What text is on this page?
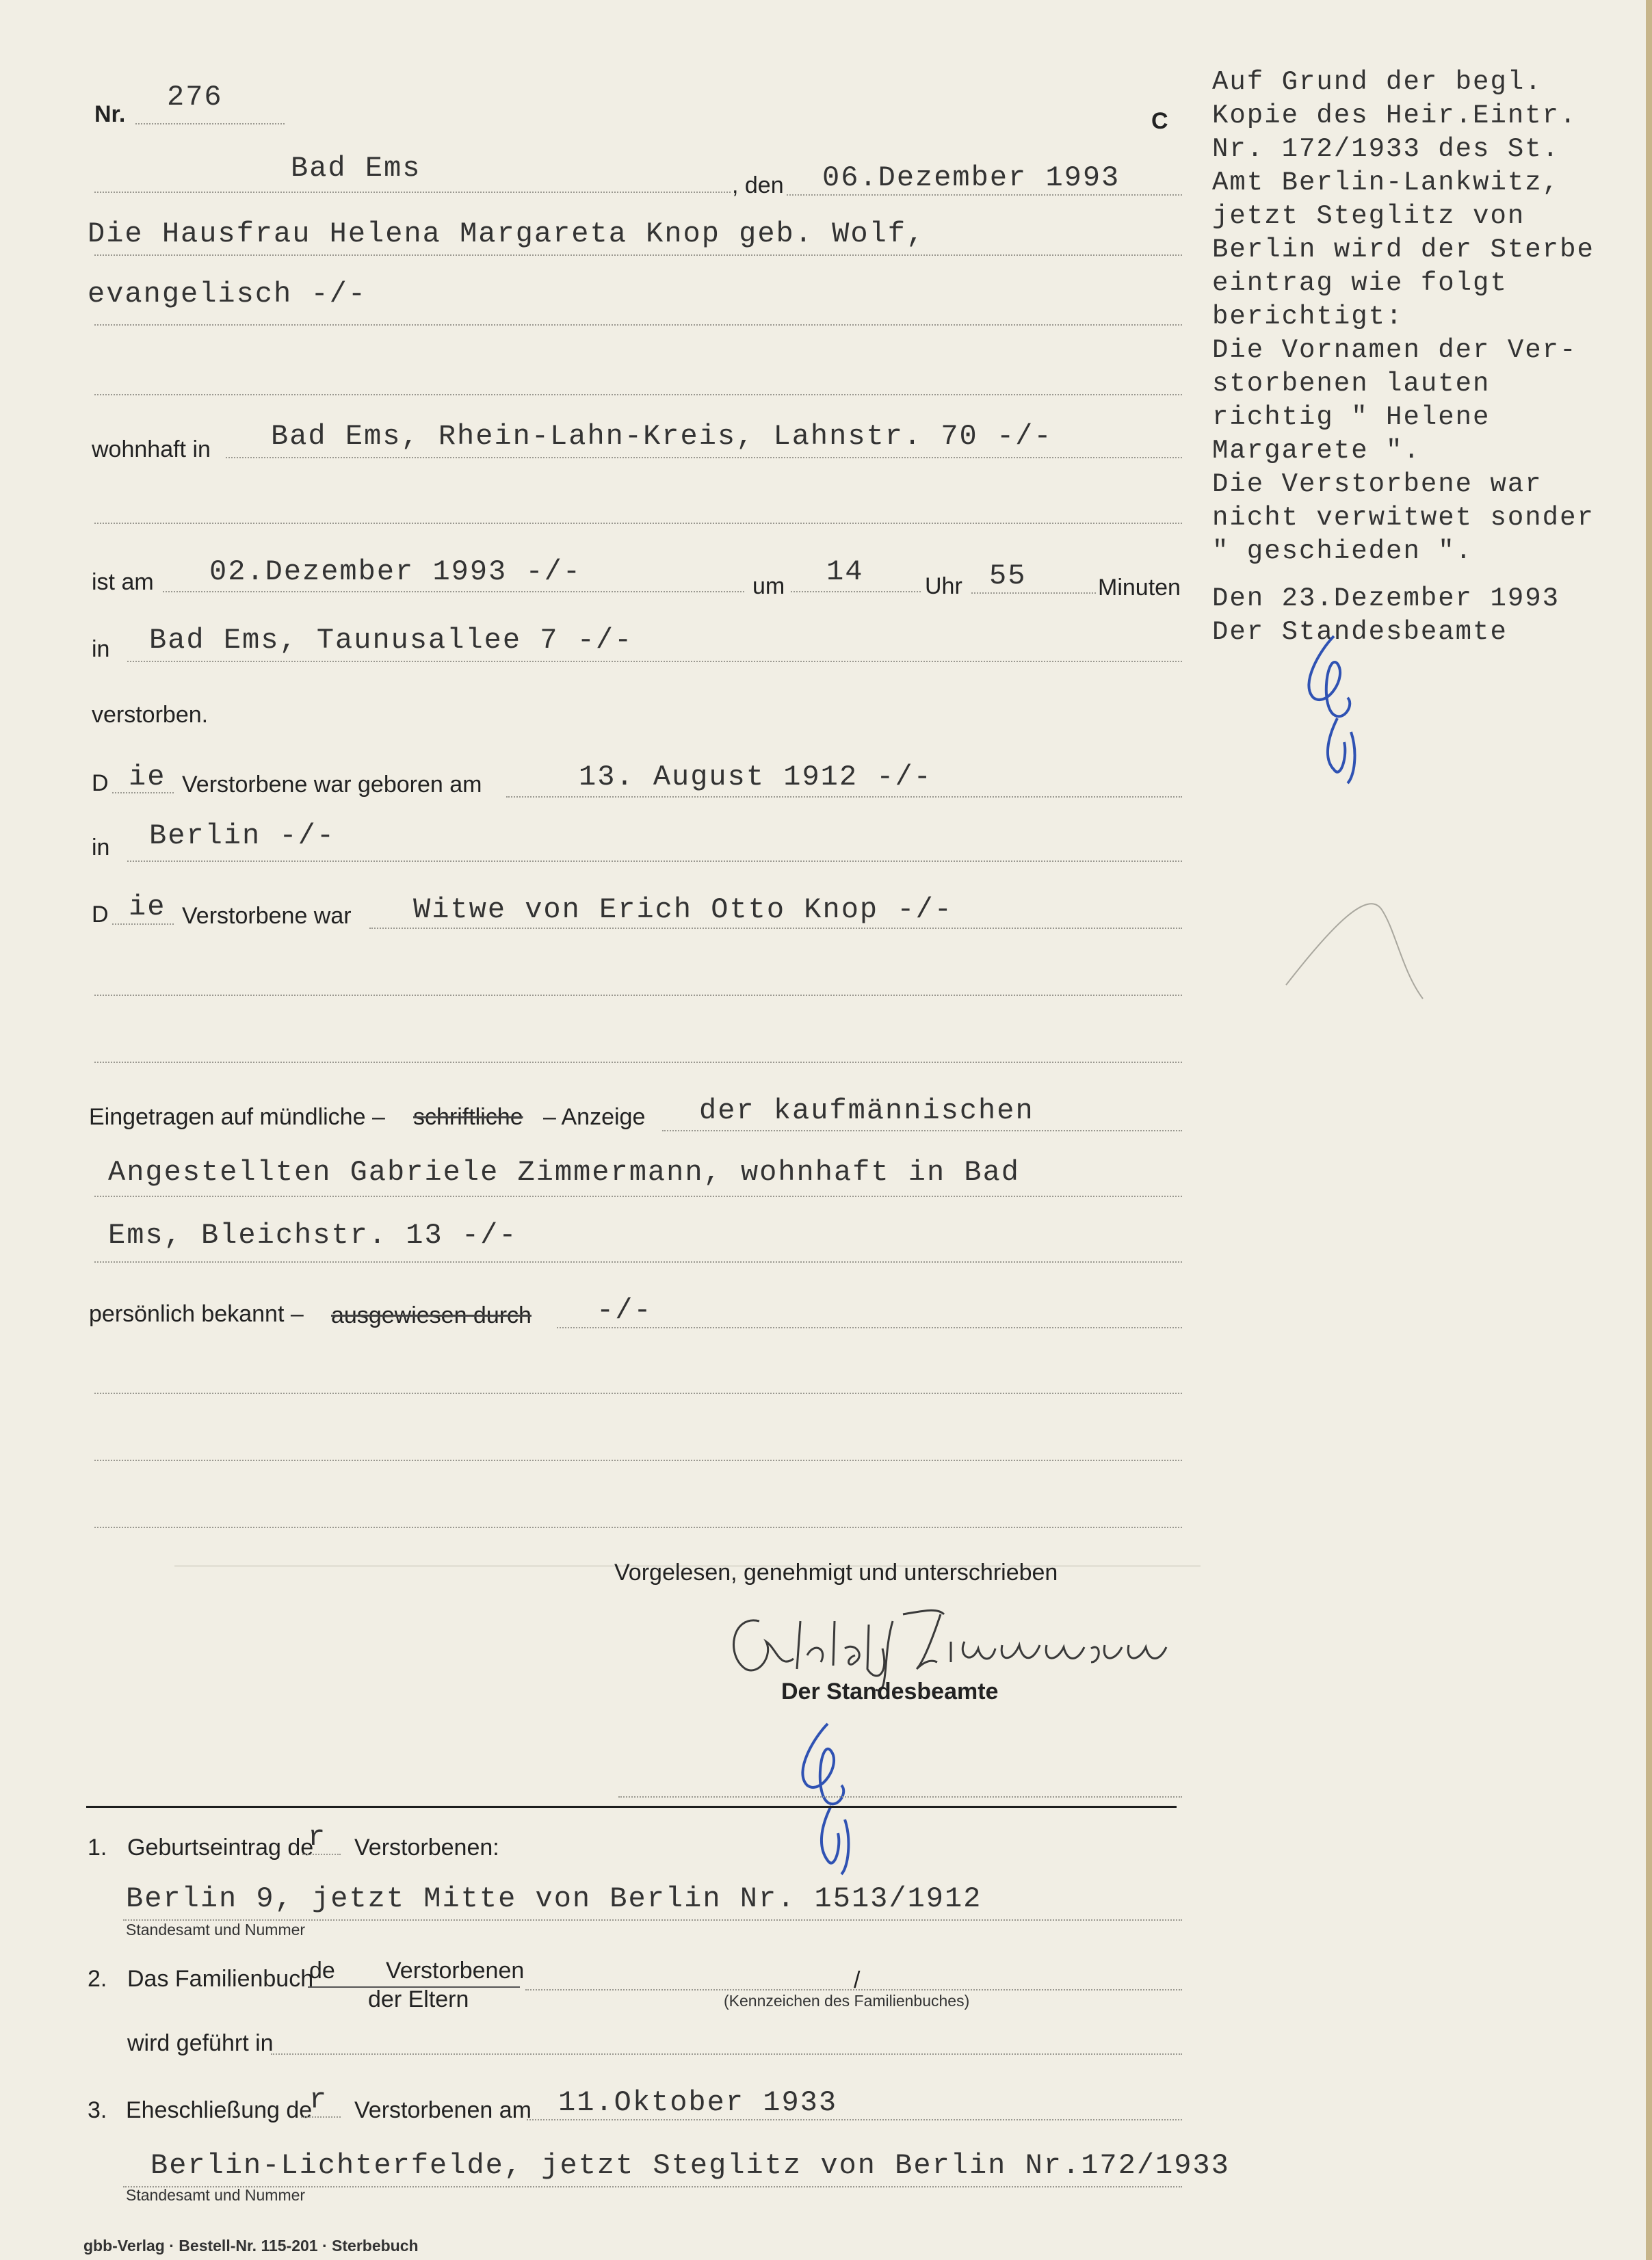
Nr.
276
C
Bad Ems
, den 06.Dezember 1993
Die Hausfrau Helena Margareta Knop geb. Wolf,
evangelisch -/-
wohnhaft in Bad Ems, Rhein-Lahn-Kreis, Lahnstr. 70 -/-
ist am 02.Dezember 1993 -/-	um 14	Uhr 55	Minuten
in Bad Ems, Taunusallee 7 -/-
verstorben.
D ie Verstorbene war geboren am	13. August 1912 -/-
in Berlin -/-
D ie Verstorbene war Witwe von Erich Otto Knop -/-
Eingetragen auf mündliche – schriftliche – Anzeige der kaufmännischen
Angestellten Gabriele Zimmermann, wohnhaft in Bad
Ems, Bleichstr. 13 -/-
persönlich bekannt – ausgewiesen durch -/-
Vorgelesen, genehmigt und unterschrieben
Der Standesbeamte
1. Geburtseintrag de
r Verstorbenen:
Berlin 9, jetzt Mitte von Berlin Nr. 1513/1912
Standesamt und Nummer
2. Das Familienbuch
de Verstorbenen
der Eltern
/
(Kennzeichen des Familienbuches)
wird geführt in
3. Eheschließung de
r Verstorbenen am 11.Oktober 1933
Berlin-Lichterfelde, jetzt Steglitz von Berlin Nr.172/1933
Standesamt und Nummer
gbb-Verlag · Bestell-Nr. 115-201 · Sterbebuch
Auf Grund der begl.
Kopie des Heir.Eintr.
Nr. 172/1933 des St.
Amt Berlin-Lankwitz,
jetzt Steglitz von
Berlin wird der Sterbe
eintrag wie folgt
berichtigt:
Die Vornamen der Ver-
storbenen lauten
richtig " Helene
Margarete ".
Die Verstorbene war
nicht verwitwet sonder
" geschieden ".
Den 23.Dezember 1993
Der Standesbeamte
